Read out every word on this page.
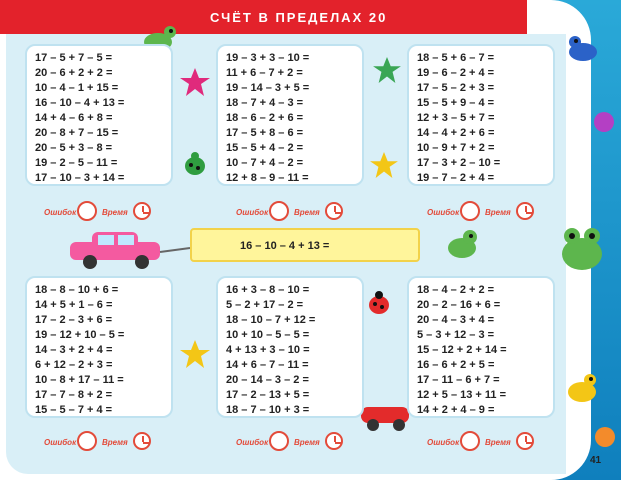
СЧЁТ В ПРЕДЕЛАХ 20
17 – 5 + 7 – 5 =
20 – 6 + 2 + 2 =
10 – 4 – 1 + 15 =
16 – 10 – 4 + 13 =
14 + 4 – 6 + 8 =
20 – 8 + 7 – 15 =
20 – 5 + 3 – 8 =
19 – 2 – 5 – 11 =
17 – 10 – 3 + 14 =
19 – 3 + 3 – 10 =
11 + 6 – 7 + 2 =
19 – 14 – 3 + 5 =
18 – 7 + 4 – 3 =
18 – 6 – 2 + 6 =
17 – 5 + 8 – 6 =
15 – 5 + 4 – 2 =
10 – 7 + 4 – 2 =
12 + 8 – 9 – 11 =
18 – 5 + 6 – 7 =
19 – 6 – 2 + 4 =
17 – 5 – 2 + 3 =
15 – 5 + 9 – 4 =
12 + 3 – 5 + 7 =
14 – 4 + 2 + 6 =
10 – 9 + 7 + 2 =
17 – 3 + 2 – 10 =
19 – 7 – 2 + 4 =
18 – 8 – 10 + 6 =
14 + 5 + 1 – 6 =
17 – 2 – 3 + 6 =
19 – 12 + 10 – 5 =
14 – 3 + 2 + 4 =
6 + 12 – 2 + 3 =
10 – 8 + 17 – 11 =
17 – 7 – 8 + 2 =
15 – 5 – 7 + 4 =
16 + 3 – 8 – 10 =
5 – 2 + 17 – 2 =
18 – 10 – 7 + 12 =
10 + 10 – 5 – 5 =
4 + 13 + 3 – 10 =
14 + 6 – 7 – 11 =
20 – 14 – 3 – 2 =
17 – 2 – 13 + 5 =
18 – 7 – 10 + 3 =
18 – 4 – 2 + 2 =
20 – 2 – 16 + 6 =
20 – 4 – 3 + 4 =
5 – 3 + 12 – 3 =
15 – 12 + 2 + 14 =
16 – 6 + 2 + 5 =
17 – 11 – 6 + 7 =
12 + 5 – 13 + 11 =
14 + 2 + 4 – 9 =
Ошибок	Время	Ошибок	Время	Ошибок	Время
Ошибок	Время	Ошибок	Время	Ошибок	Время
16 – 10 – 4 + 13 =
41
